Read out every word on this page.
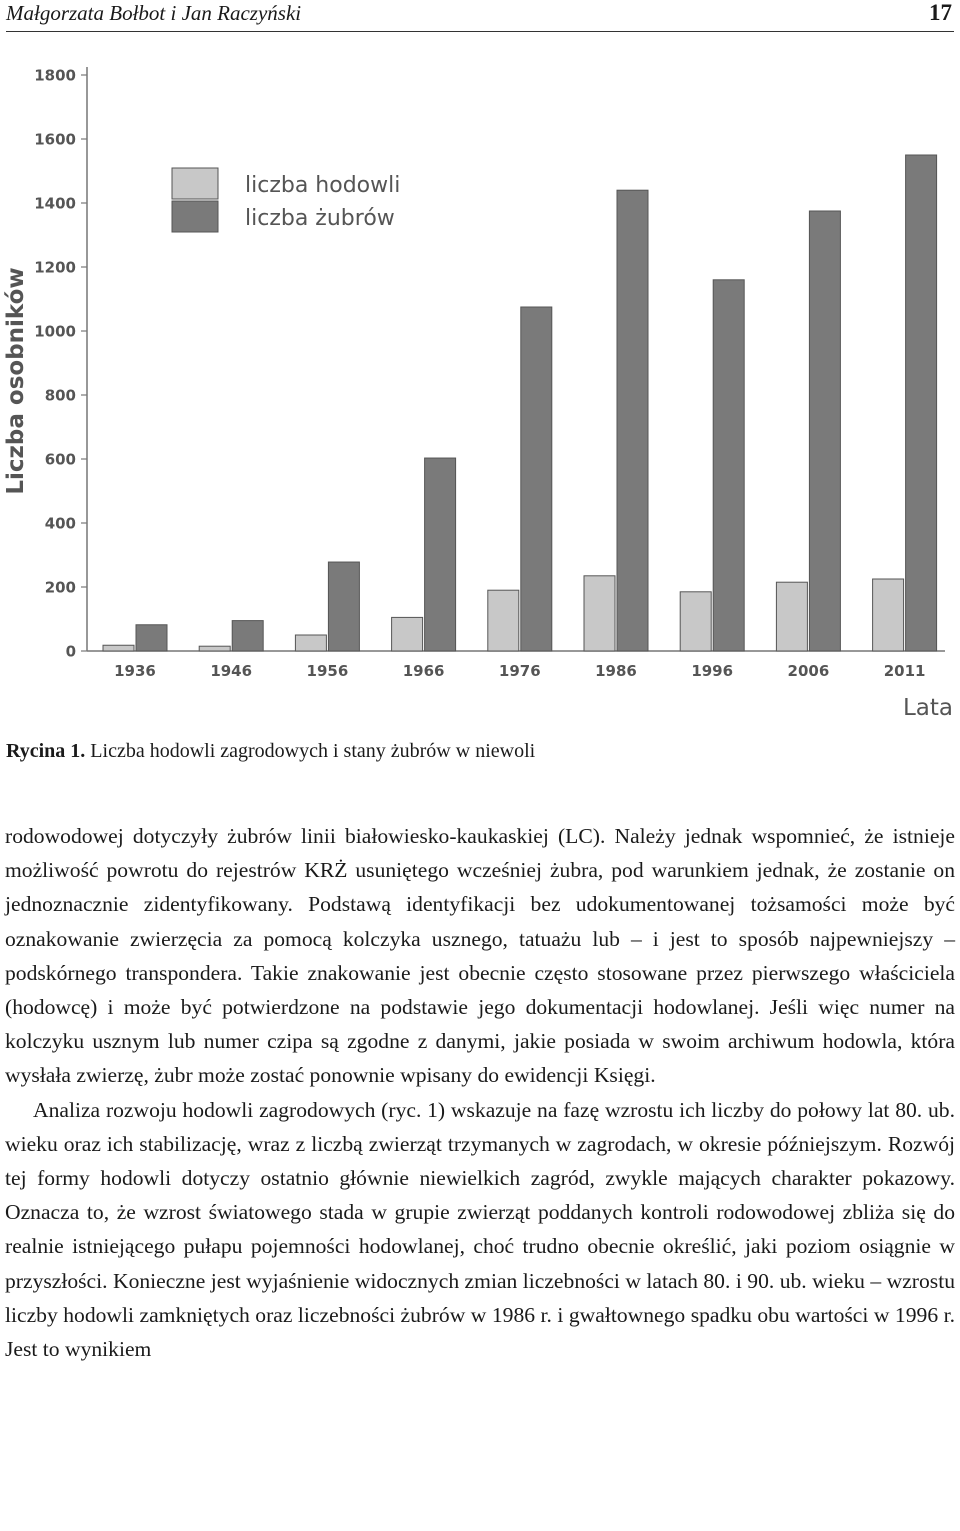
Małgorzata Bołbot i Jan Raczyński	17
0
200
400
600
800
1000
1200
1400
1600
1800
Liczba osobników
1936	1946	1956	1966	1976	1986	1996	2006	2011
Lata
liczba hodowli
liczba żubrów
Rycina 1. Liczba hodowli zagrodowych i stany żubrów w niewoli

rodowodowej dotyczyły żubrów linii białowiesko-kaukaskiej (LC). Należy jednak wspomnieć, że istnieje możliwość powrotu do rejestrów KRŻ usuniętego wcześniej żubra, pod warunkiem jednak, że zostanie on jednoznacznie zidentyfikowany. Podstawą identyfikacji bez udokumentowanej tożsamości może być oznakowanie zwierzęcia za pomocą kolczyka usznego, tatuażu lub – i jest to sposób najpewniejszy – podskórnego transpondera. Takie znakowanie jest obecnie często stosowane przez pierwszego właściciela (hodowcę) i może być potwierdzone na podstawie jego dokumentacji hodowlanej. Jeśli więc numer na kolczyku usznym lub numer czipa są zgodne z danymi, jakie posiada w swoim archiwum hodowla, która wysłała zwierzę, żubr może zostać ponownie wpisany do ewidencji Księgi.

Analiza rozwoju hodowli zagrodowych (ryc. 1) wskazuje na fazę wzrostu ich liczby do połowy lat 80. ub. wieku oraz ich stabilizację, wraz z liczbą zwierząt trzymanych w zagrodach, w okresie późniejszym. Rozwój tej formy hodowli dotyczy ostatnio głównie niewielkich zagród, zwykle mających charakter pokazowy. Oznacza to, że wzrost światowego stada w grupie zwierząt poddanych kontroli rodowodowej zbliża się do realnie istniejącego pułapu pojemności hodowlanej, choć trudno obecnie określić, jaki poziom osiągnie w przyszłości. Konieczne jest wyjaśnienie widocznych zmian liczebności w latach 80. i 90. ub. wieku – wzrostu liczby hodowli zamkniętych oraz liczebności żubrów w 1986 r. i gwałtownego spadku obu wartości w 1996 r. Jest to wynikiem
